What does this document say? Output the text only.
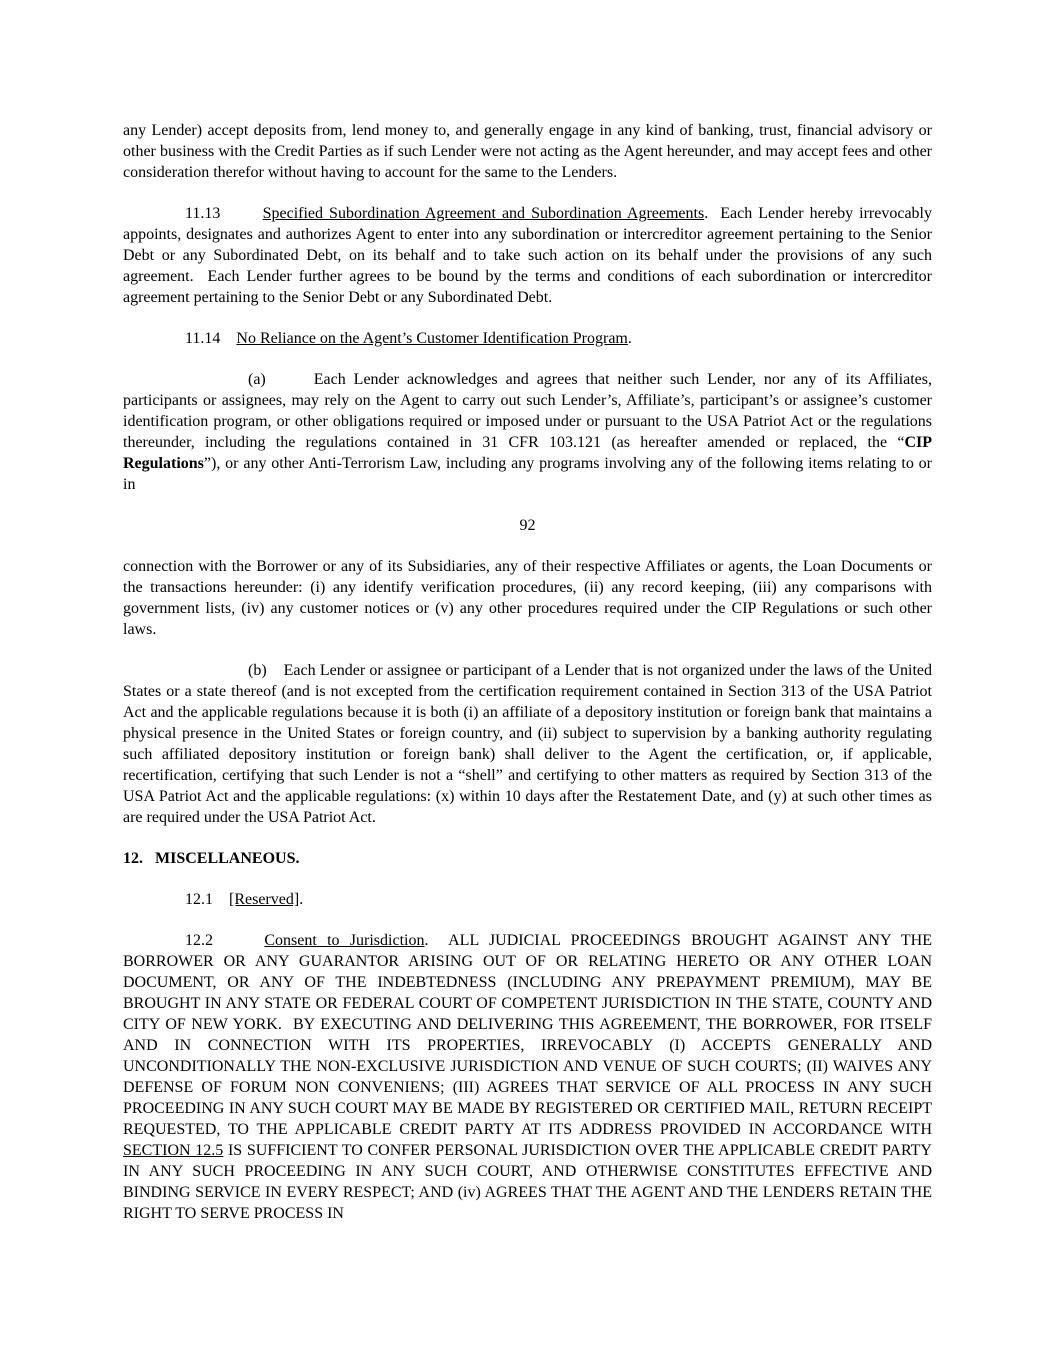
any Lender) accept deposits from, lend money to, and generally engage in any kind of banking, trust, financial advisory or other business with the Credit Parties as if such Lender were not acting as the Agent hereunder, and may accept fees and other consideration therefor without having to account for the same to the Lenders.

11.13	Specified Subordination Agreement and Subordination Agreements.  Each Lender hereby irrevocably appoints, designates and authorizes Agent to enter into any subordination or intercreditor agreement pertaining to the Senior Debt or any Subordinated Debt, on its behalf and to take such action on its behalf under the provisions of any such agreement.  Each Lender further agrees to be bound by the terms and conditions of each subordination or intercreditor agreement pertaining to the Senior Debt or any Subordinated Debt.

11.14 No Reliance on the Agent’s Customer Identification Program.

(a)	Each Lender acknowledges and agrees that neither such Lender, nor any of its Affiliates, participants or assignees, may rely on the Agent to carry out such Lender’s, Affiliate’s, participant’s or assignee’s customer identification program, or other obligations required or imposed under or pursuant to the USA Patriot Act or the regulations thereunder, including the regulations contained in 31 CFR 103.121 (as hereafter amended or replaced, the “CIP Regulations”), or any other Anti-Terrorism Law, including any programs involving any of the following items relating to or in

92

connection with the Borrower or any of its Subsidiaries, any of their respective Affiliates or agents, the Loan Documents or the transactions hereunder: (i) any identify verification procedures, (ii) any record keeping, (iii) any comparisons with government lists, (iv) any customer notices or (v) any other procedures required under the CIP Regulations or such other laws.

(b) Each Lender or assignee or participant of a Lender that is not organized under the laws of the United States or a state thereof (and is not excepted from the certification requirement contained in Section 313 of the USA Patriot Act and the applicable regulations because it is both (i) an affiliate of a depository institution or foreign bank that maintains a physical presence in the United States or foreign country, and (ii) subject to supervision by a banking authority regulating such affiliated depository institution or foreign bank) shall deliver to the Agent the certification, or, if applicable, recertification, certifying that such Lender is not a “shell” and certifying to other matters as required by Section 313 of the USA Patriot Act and the applicable regulations: (x) within 10 days after the Restatement Date, and (y) at such other times as are required under the USA Patriot Act.

12. MISCELLANEOUS.

12.1 [Reserved].

12.2	Consent to Jurisdiction.  ALL JUDICIAL PROCEEDINGS BROUGHT AGAINST ANY THE BORROWER OR ANY GUARANTOR ARISING OUT OF OR RELATING HERETO OR ANY OTHER LOAN DOCUMENT, OR ANY OF THE INDEBTEDNESS (INCLUDING ANY PREPAYMENT PREMIUM), MAY BE BROUGHT IN ANY STATE OR FEDERAL COURT OF COMPETENT JURISDICTION IN THE STATE, COUNTY AND CITY OF NEW YORK.  BY EXECUTING AND DELIVERING THIS AGREEMENT, THE BORROWER, FOR ITSELF AND IN CONNECTION WITH ITS PROPERTIES, IRREVOCABLY (I) ACCEPTS GENERALLY AND UNCONDITIONALLY THE NON-EXCLUSIVE JURISDICTION AND VENUE OF SUCH COURTS; (II) WAIVES ANY DEFENSE OF FORUM NON CONVENIENS; (III) AGREES THAT SERVICE OF ALL PROCESS IN ANY SUCH PROCEEDING IN ANY SUCH COURT MAY BE MADE BY REGISTERED OR CERTIFIED MAIL, RETURN RECEIPT REQUESTED, TO THE APPLICABLE CREDIT PARTY AT ITS ADDRESS PROVIDED IN ACCORDANCE WITH SECTION 12.5 IS SUFFICIENT TO CONFER PERSONAL JURISDICTION OVER THE APPLICABLE CREDIT PARTY IN ANY SUCH PROCEEDING IN ANY SUCH COURT, AND OTHERWISE CONSTITUTES EFFECTIVE AND BINDING SERVICE IN EVERY RESPECT; AND (iv) AGREES THAT THE AGENT AND THE LENDERS RETAIN THE RIGHT TO SERVE PROCESS IN
